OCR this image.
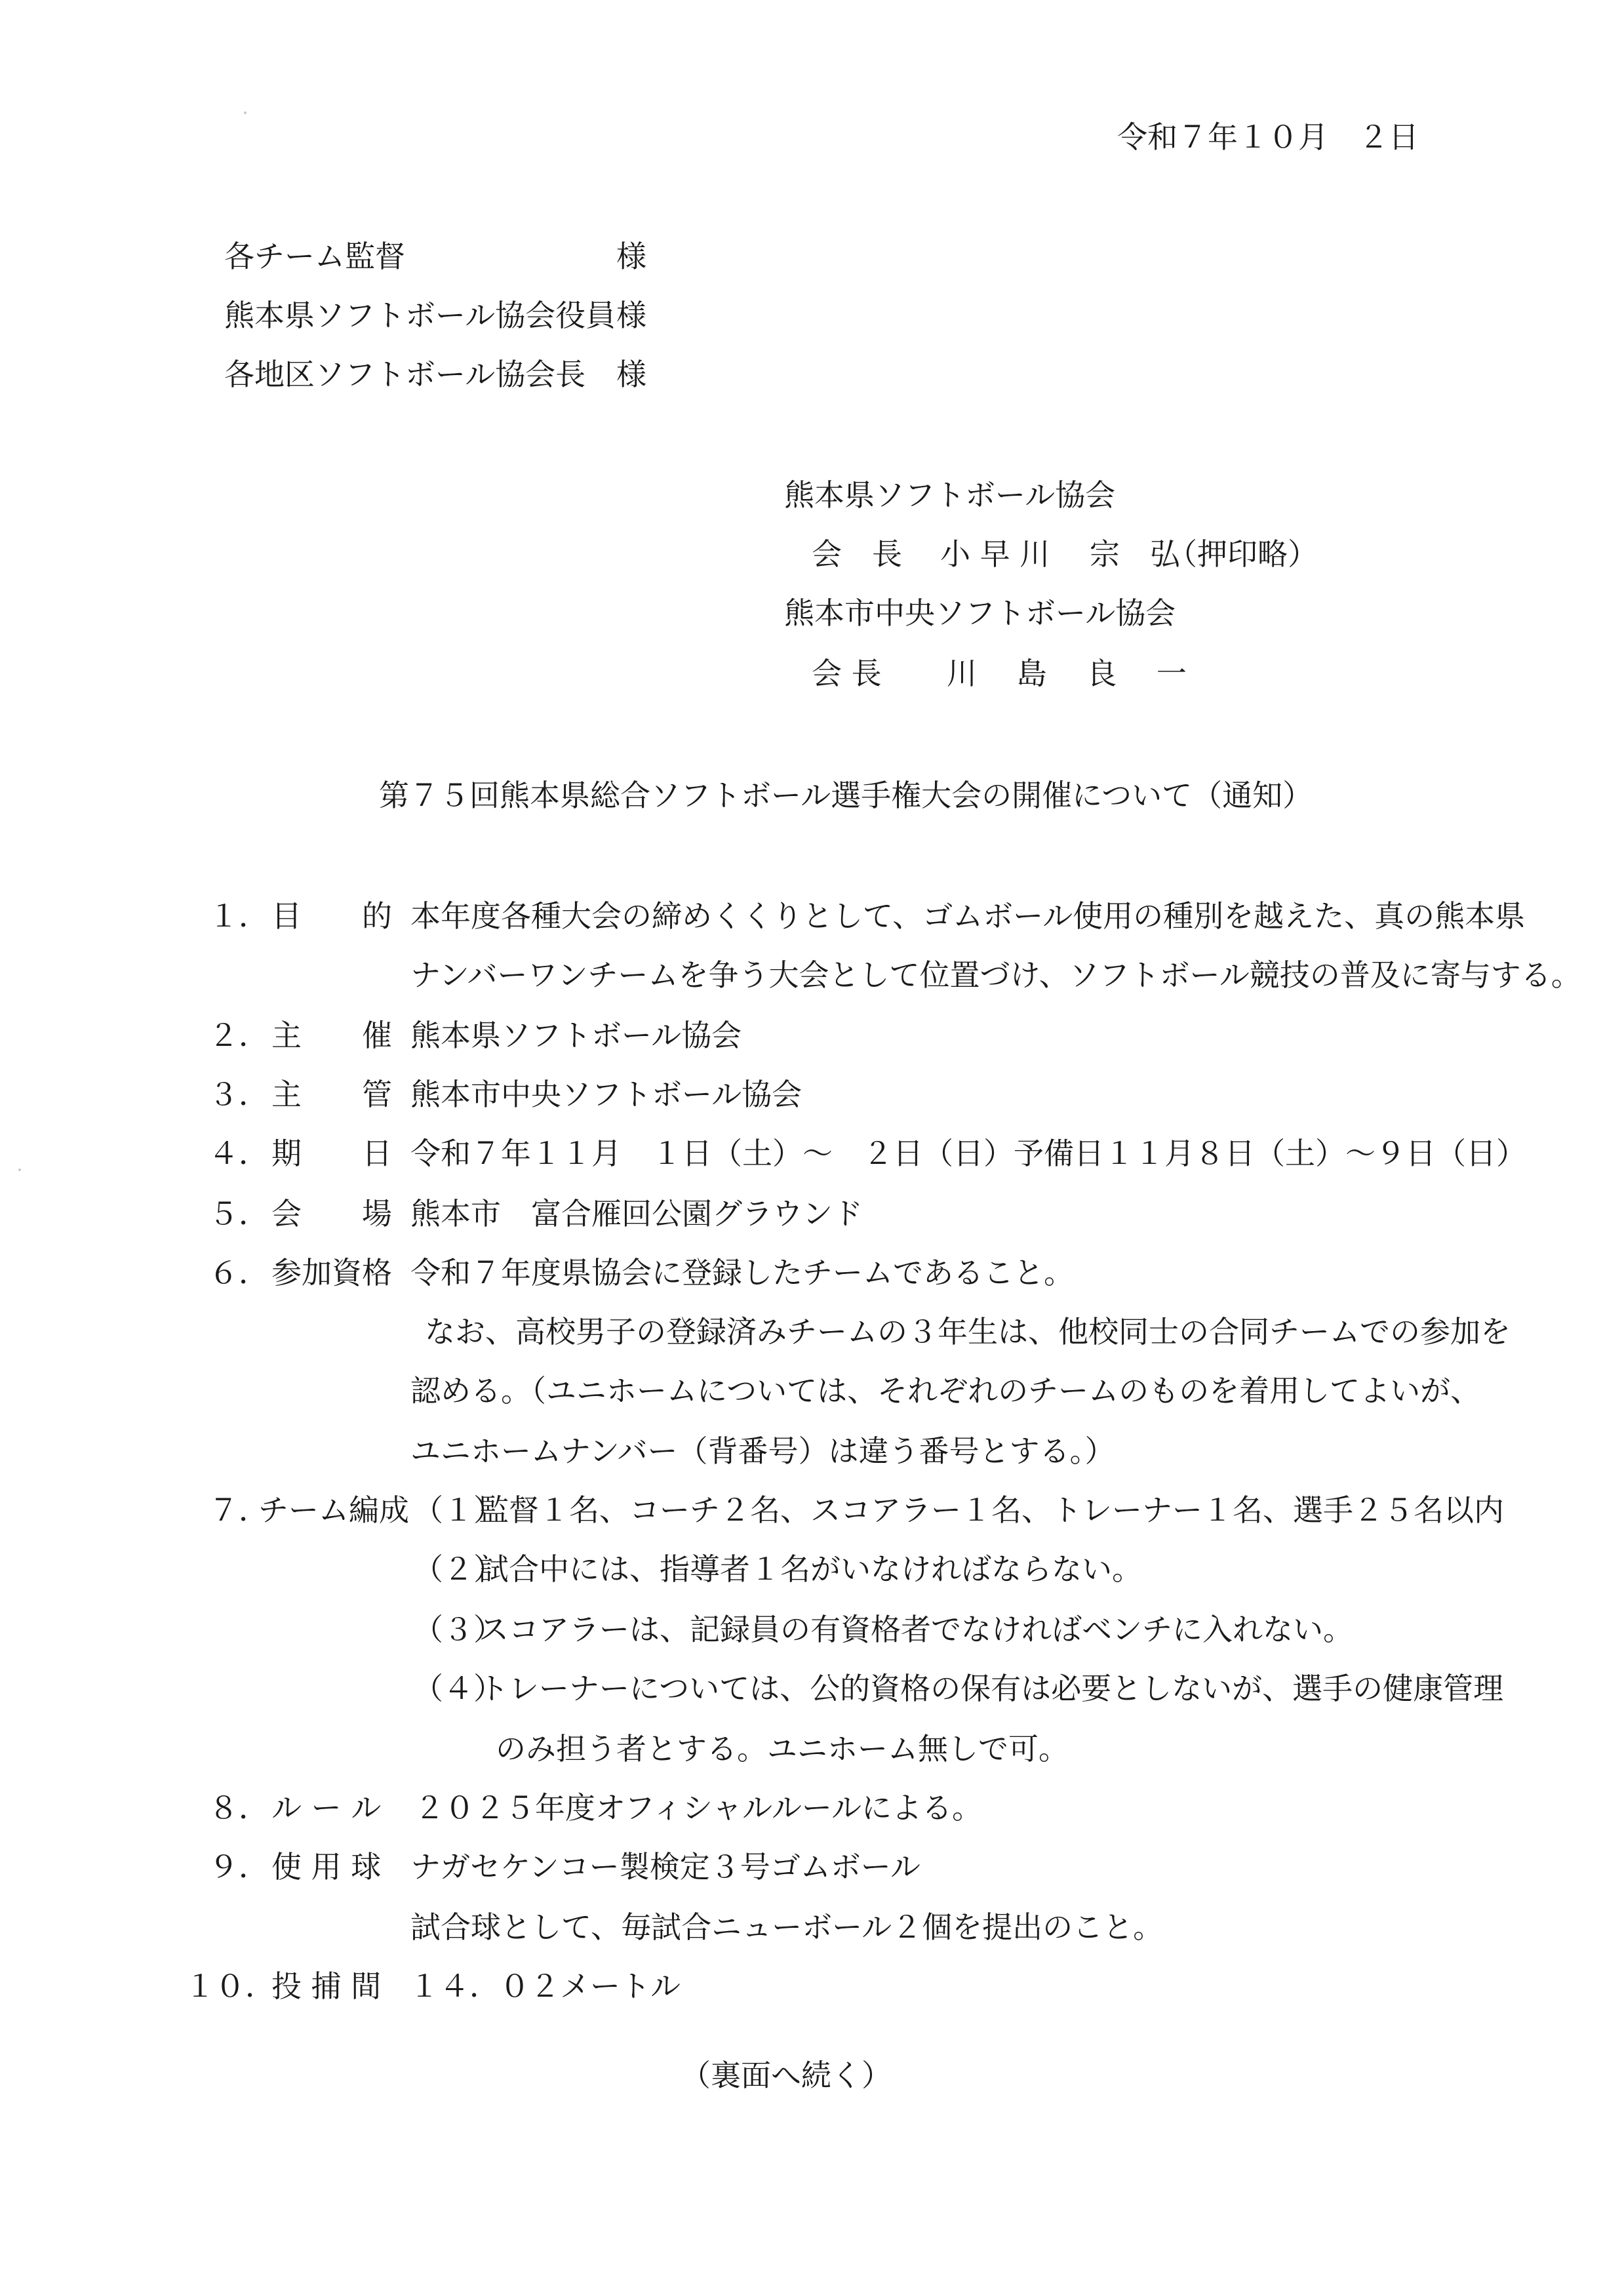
令和７年１０月　２日
各チーム監督	様
熊本県ソフトボール協会役員 様
各地区ソフトボール協会長 様
熊本県ソフトボール協会
会　長 小 早 川　 宗　弘
（押印略）
熊本市中央ソフトボール協会
会 長 川　 島　 良　 一
第７５回熊本県総合ソフトボール選手権大会の開催について（通知）
１． 目　　的 本年度各種大会の締めくくりとして、ゴムボール使用の種別を越えた、真の熊本県
ナンバーワンチームを争う大会として位置づけ、ソフトボール競技の普及に寄与する。
２． 主　　催 熊本県ソフトボール協会
３． 主　　管 熊本市中央ソフトボール協会
４． 期　　日 令和７年１１月　１日（土）～　２日（日）予備日１１月８日（土）～９日（日）
５． 会　　場 熊本市　富合雁回公園グラウンド
６． 参加資格 令和７年度県協会に登録したチームであること。
なお、高校男子の登録済みチームの３年生は、他校同士の合同チームでの参加を
認める。（ユニホームについては、それぞれのチームのものを着用してよいが、
ユニホームナンバー（背番号）は違う番号とする。）
７．
チーム編成 （１）
監督１名、コーチ２名、スコアラー１名、トレーナー１名、選手２５名以内
（２）
試合中には、指導者１名がいなければならない。
（３）
スコアラーは、記録員の有資格者でなければベンチに入れない。
（４）
トレーナーについては、公的資格の保有は必要としないが、選手の健康管理
のみ担う者とする。ユニホーム無しで可。
８． ル ー ル ２０２５年度オフィシャルルールによる。
９． 使 用 球 ナガセケンコー製検定３号ゴムボール
試合球として、毎試合ニューボール２個を提出のこと。
１０．
投 捕 間 １４．０２メートル
（裏面へ続く）
